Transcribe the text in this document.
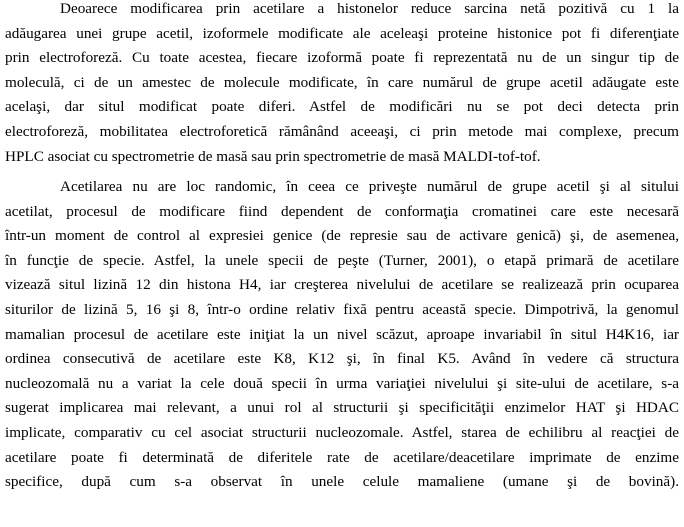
Deoarece modificarea prin acetilare a histonelor reduce sarcina netă pozitivă cu 1 la
adăugarea unei grupe acetil, izoformele modificate ale aceleaşi proteine histonice pot fi diferenţiate
prin electroforeză. Cu toate acestea, fiecare izoformă poate fi reprezentată nu de un singur tip de
moleculă, ci de un amestec de molecule modificate, în care numărul de grupe acetil adăugate este
acelaşi, dar situl modificat poate diferi. Astfel de modificări nu se pot deci detecta prin
electroforeză, mobilitatea electroforetică rămânând aceeaşi, ci prin metode mai complexe, precum
HPLC asociat cu spectrometrie de masă sau prin spectrometrie de masă MALDI-tof-tof.
Acetilarea nu are loc randomic, în ceea ce priveşte numărul de grupe acetil şi al sitului
acetilat, procesul de modificare fiind dependent de conformaţia cromatinei care este necesară
într-un moment de control al expresiei genice (de represie sau de activare genică) şi, de asemenea,
în funcţie de specie. Astfel, la unele specii de peşte (Turner, 2001), o etapă primară de acetilare
vizează situl lizină 12 din histona H4, iar creşterea nivelului de acetilare se realizează prin ocuparea
siturilor de lizină 5, 16 şi 8, într-o ordine relativ fixă pentru această specie. Dimpotrivă, la genomul
mamalian procesul de acetilare este iniţiat la un nivel scăzut, aproape invariabil în situl H4K16, iar
ordinea consecutivă de acetilare este K8, K12 şi, în final K5. Având în vedere că structura
nucleozomală nu a variat la cele două specii în urma variaţiei nivelului şi site-ului de acetilare, s-a
sugerat implicarea mai relevant, a unui rol al structurii şi specificităţii enzimelor HAT şi HDAC
implicate, comparativ cu cel asociat structurii nucleozomale. Astfel, starea de echilibru al reacţiei de
acetilare poate fi determinată de diferitele rate de acetilare/deacetilare imprimate de enzime
specifice, după cum s-a observat în unele celule mamaliene (umane şi de bovină).
